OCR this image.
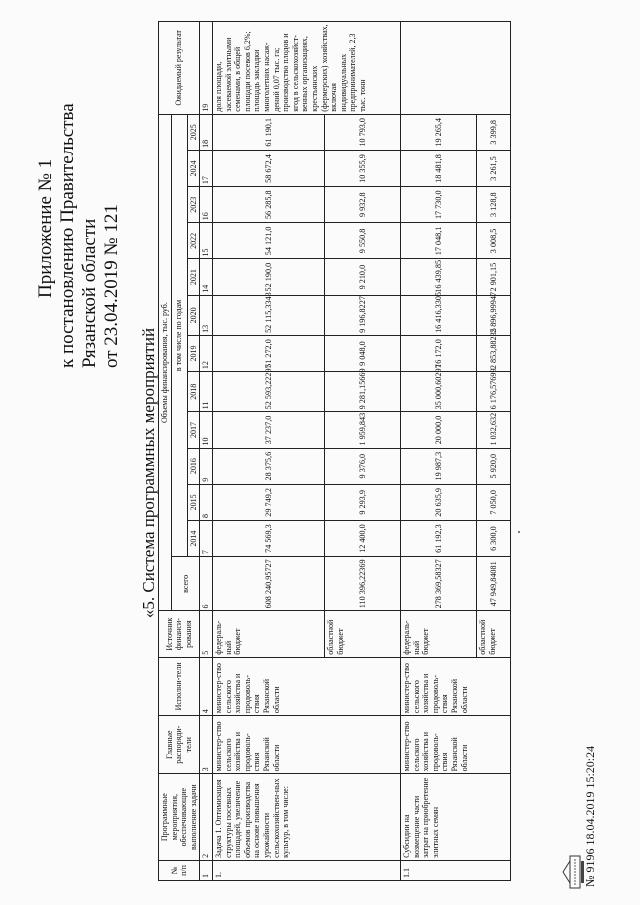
Приложение № 1 к постановлению Правительства Рязанской области от 23.04.2019 № 121
«5. Система программных мероприятий
№ п/п	Программные мероприятия, обеспечивающие выполнение задачи	Главные распоряди-тели	Исполни-тели	Источник финанси-рования	Объемы финансирования, тыс. руб.													Ожидаемый результат
					всего	в том числе по годам												
						2014	2015	2016	2017	2018	2019	2020	2021	2022	2023	2024	2025	
1	2	3	4	5	6	7	8	9	10	11	12	13	14	15	16	17	18	19
1.	Задача 1. Оптимизация структуры посевных площадей, увеличение объемов производства на основе повышения урожайности сельскохозяйствен-ных культур, в том числе:	министер-ство сельского хозяйства и продоволь-ствия Рязанской области	министер-ство сельского хозяйства и продоволь-ствия Рязанской области	федераль-ный бюджет	608 240,95727	74 569,3	29 749,2	28 375,6	37 237,0	52 593,22297	51 272,0	52 115,3343	52 190,0	54 121,0	56 285,8	58 672,4	61 190,1	доля площади, засеваемой элитными семенами, в общей площади посевов 6,2%; площадь закладки многолетних насаж-дений 0,07 тыс. га; производство плодов и ягод в сельскохозяйст-венных организациях, крестьянских (фермерских) хозяйствах, включая индивидуальных предпринимателей, 2,3 тыс. тонн
				областной бюджет	110 396,22369	12 400,0	9 293,9	9 376,0	1 959,843	9 281,15669	9 048,0	9 196,8227	9 210,0	9 550,8	9 932,8	10 355,9	10 793,0	
1.1	Субсидии на возмещение части затрат на приобретение элитных семян	министер-ство сельского хозяйства и продоволь-ствия Рязанской области	министер-ство сельского хозяйства и продоволь-ствия Рязанской области	федераль-ный бюджет	278 369,58327	61 192,3	20 635,9	19 987,3	20 000,0	35 000,60297	16 172,0	16 416,3305	16 439,85	17 048,1	17 730,0	18 481,8	19 265,4	
				областной бюджет	47 949,84081	6 300,0	7 050,0	5 920,0	1 032,632	6 176,57699	2 853,88235	2 896,99947	2 901,15	3 008,5	3 128,8	3 261,5	3 399,8	
№ 9196 18.04.2019 15:20:24
